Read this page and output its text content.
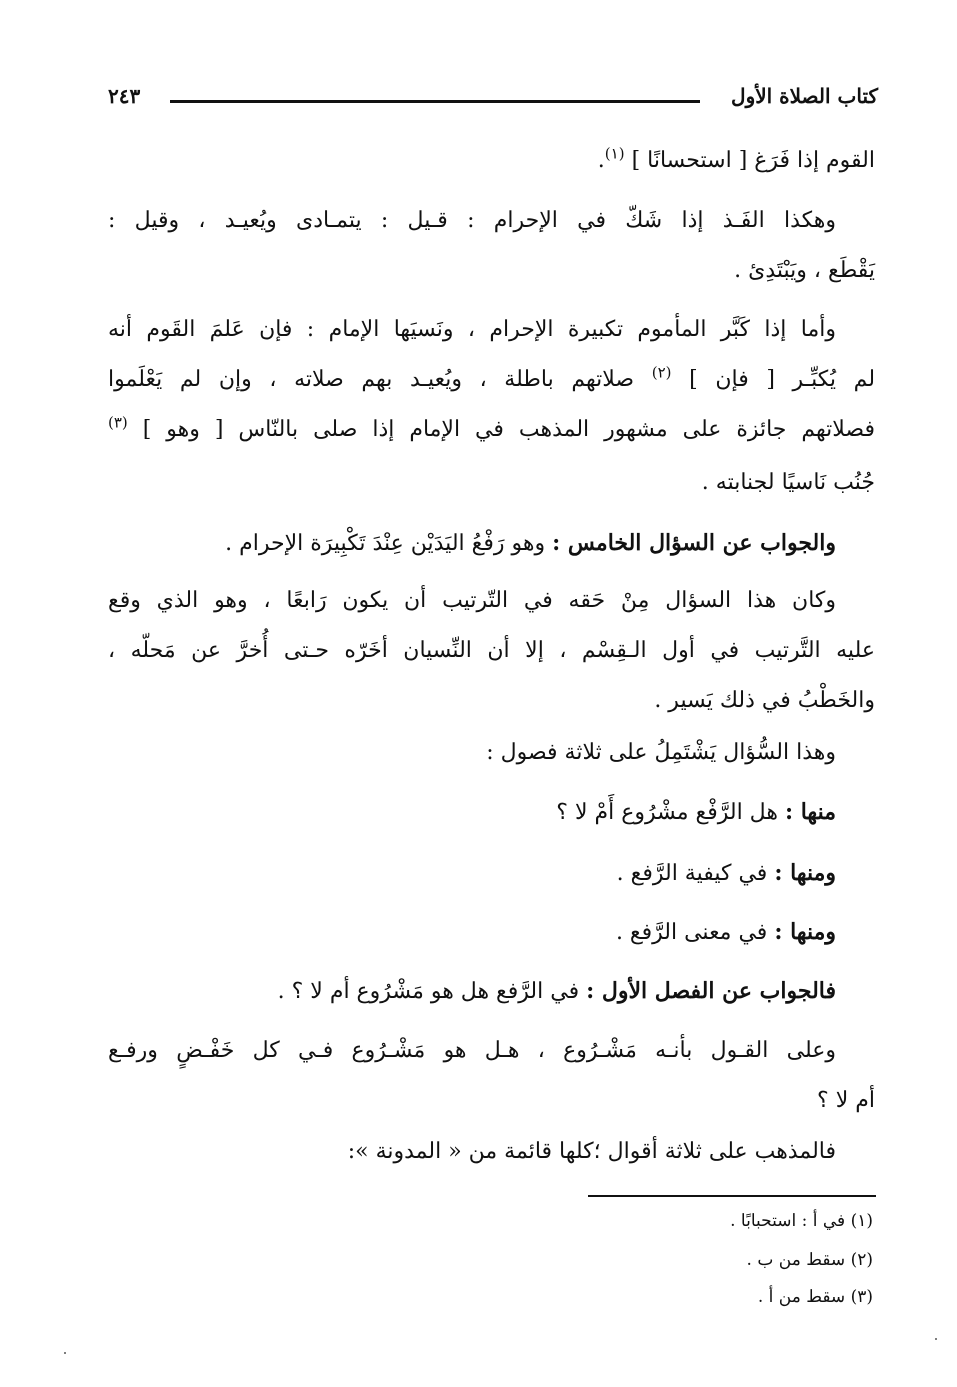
كتاب الصلاة الأول
٢٤٣
القوم إذا فَرَغ [ استحسانًا ] $^{(١)}$.
وهكذا الفَـذ إذا شَكّ في الإحرام : قـيل : يتمـادى ويُعيـد ، وقيل :
يَقْطَع ، ويَبْتَدِئ .
وأما إذا كَبَّر المأموم تكبيرة الإحرام ، ونَسيَها الإمام : فإن عَلمَ القَوم أنه
لم يُكبِّـر [ فإن ] $^{(٢)}$ صلاتهم باطلة ، ويُعيـد بهم صلاته ، وإن لم يَعْلَموا
فصلاتهم جائزة على مشهور المذهب في الإمام إذا صلى بالنّاس [ وهو ] $^{(٣)}$
جُنُب نَاسيًا لجنابته .
والجواب عن السؤال الخامس : وهو رَفْعُ اليَدَيْن عِنْدَ تَكْبِيرَة الإحرام .
وكان هذا السؤال مِنْ حَقه في التّرتيب أن يكون رَابعًا ، وهو الذي وقع
عليه التَّرتيب في أول الـقِسْم ، إلا أن النِّسيان أخَرّه حـتى أُخرَّ عن مَحلّه ،
والخَطْبُ في ذلك يَسير .
وهذا السُّؤال يَشْتَمِلُ على ثلاثة فصول :
منها : هل الرَّفْع مشْرُوع أَمْ لا ؟
ومنها : في كيفية الرَّفع .
ومنها : في معنى الرَّفع .
فالجواب عن الفصل الأول : في الرَّفع هل هو مَشْرُوع أم لا ؟ .
وعلى القـول بأنـه مَشْـرُوع ، هـل هو مَشْـرُوع فـي كل خَفْـضٍ ورفـع
أم لا ؟
فالمذهب على ثلاثة أقوال ؛كلها قائمة من « المدونة »:
(١) في أ : استحبابًا .
(٢) سقط من ب .
(٣) سقط من أ .
